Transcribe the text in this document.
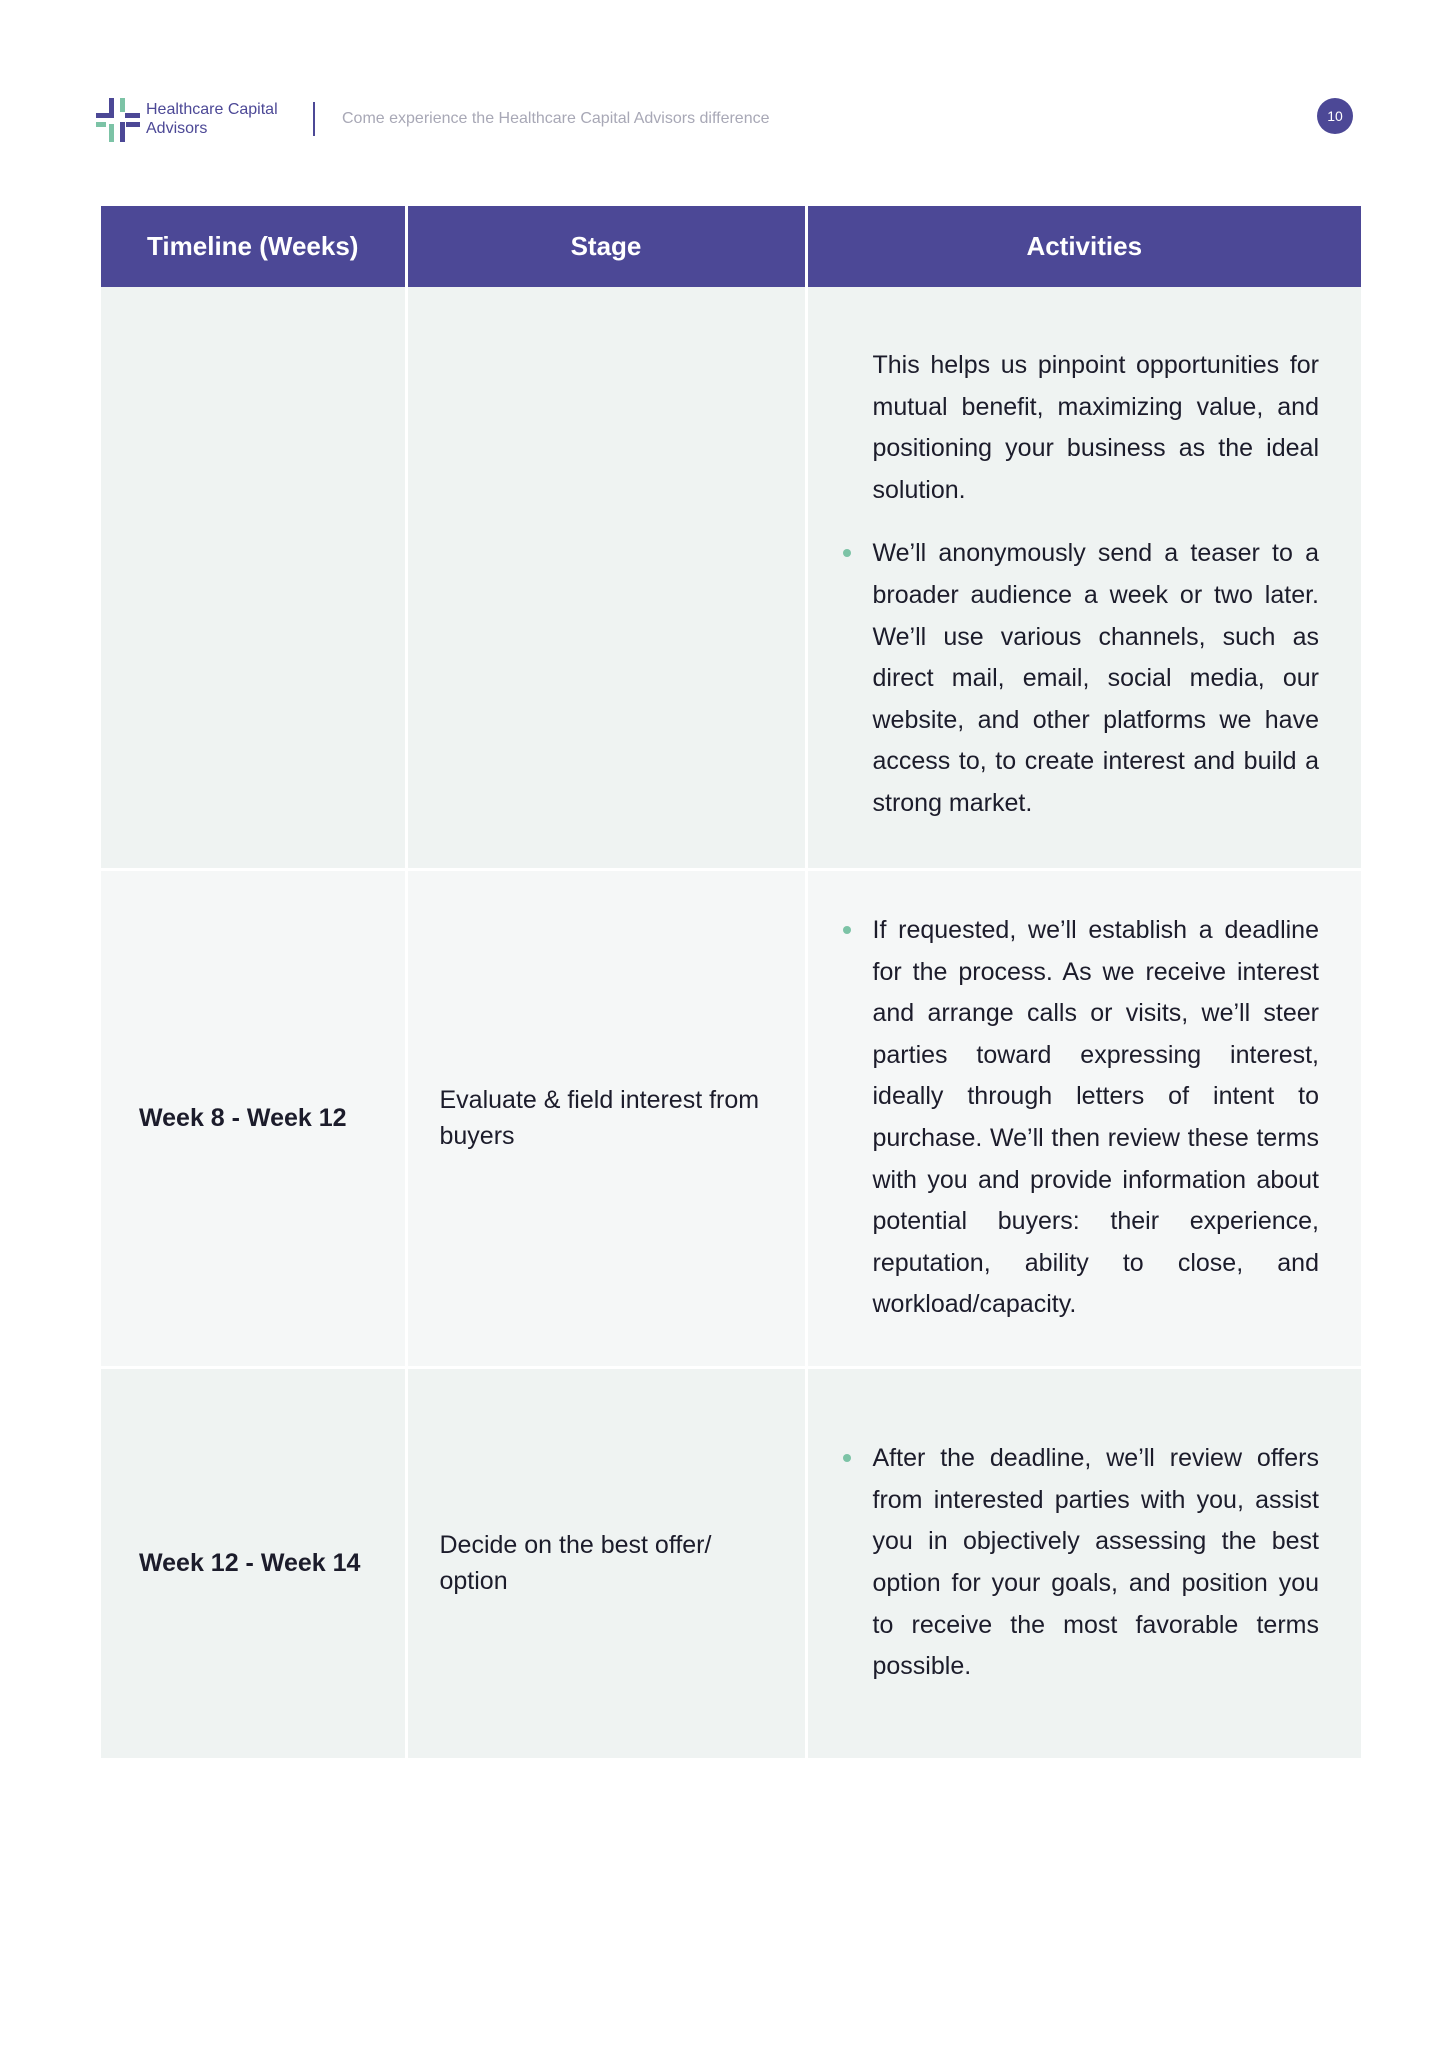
Healthcare Capital
Advisors
Come experience the Healthcare Capital Advisors difference	10
Timeline (Weeks)	Stage	Activities

		This helps us pinpoint opportunities for mutual benefit, maximizing value, and positioning your business as the ideal solution.

We’ll anonymously send a teaser to a broader audience a week or two later. We’ll use various channels, such as direct mail, email, social media, our website, and other platforms we have access to, to create interest and build a strong market.

Week 8 - Week 12	Evaluate & field interest from buyers	If requested, we’ll establish a deadline for the process. As we receive interest and arrange calls or visits, we’ll steer parties toward expressing interest, ideally through letters of intent to purchase. We’ll then review these terms with you and provide information about potential buyers: their experience, reputation, ability to close, and workload/capacity.

Week 12 - Week 14	Decide on the best offer/ option	After the deadline, we’ll review offers from interested parties with you, assist you in objectively assessing the best option for your goals, and position you to receive the most favorable terms possible.
